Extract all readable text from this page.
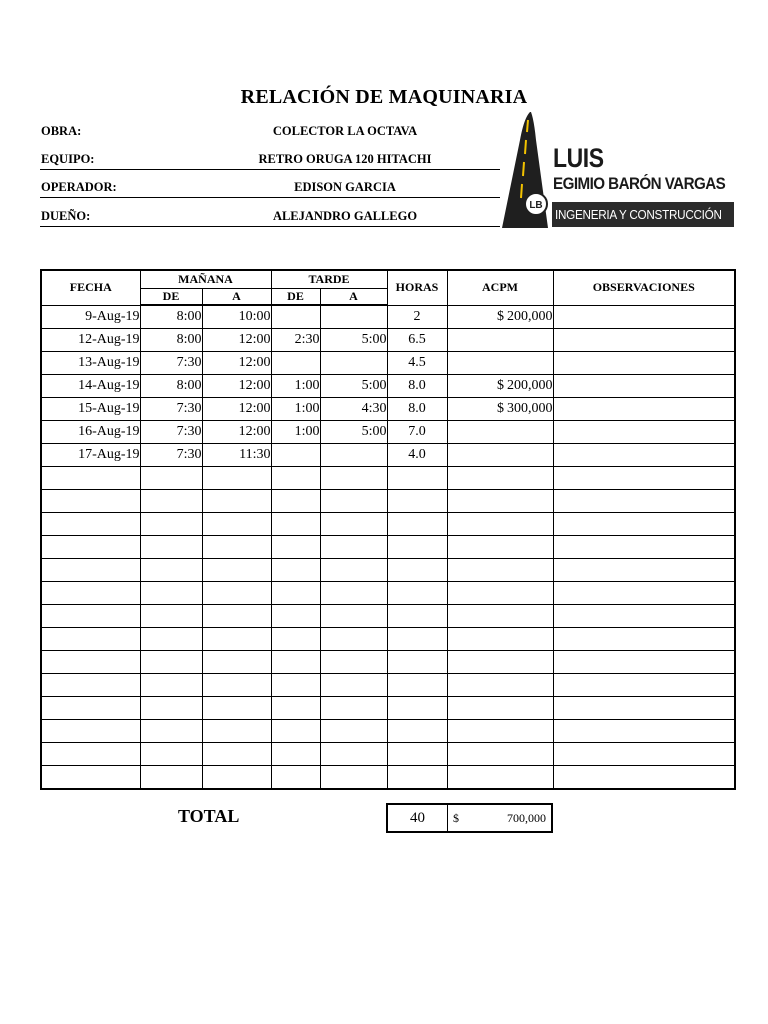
RELACIÓN DE MAQUINARIA
OBRA:	COLECTOR LA OCTAVA
EQUIPO:	RETRO ORUGA 120 HITACHI
OPERADOR:	EDISON GARCIA
DUEÑO:	ALEJANDRO GALLEGO
LB
LUIS
EGIMIO BARÓN VARGAS
INGENERIA Y CONSTRUCCIÓN
FECHA	MAÑANA		TARDE		HORAS	ACPM	OBSERVACIONES
	DE	A	DE	A			
9-Aug-19	8:00	10:00			2	$ 200,000	
12-Aug-19	8:00	12:00	2:30	5:00	6.5		
13-Aug-19	7:30	12:00			4.5		
14-Aug-19	8:00	12:00	1:00	5:00	8.0	$ 200,000	
15-Aug-19	7:30	12:00	1:00	4:30	8.0	$ 300,000	
16-Aug-19	7:30	12:00	1:00	5:00	7.0		
17-Aug-19	7:30	11:30			4.0		

TOTAL	40	$	700,000
